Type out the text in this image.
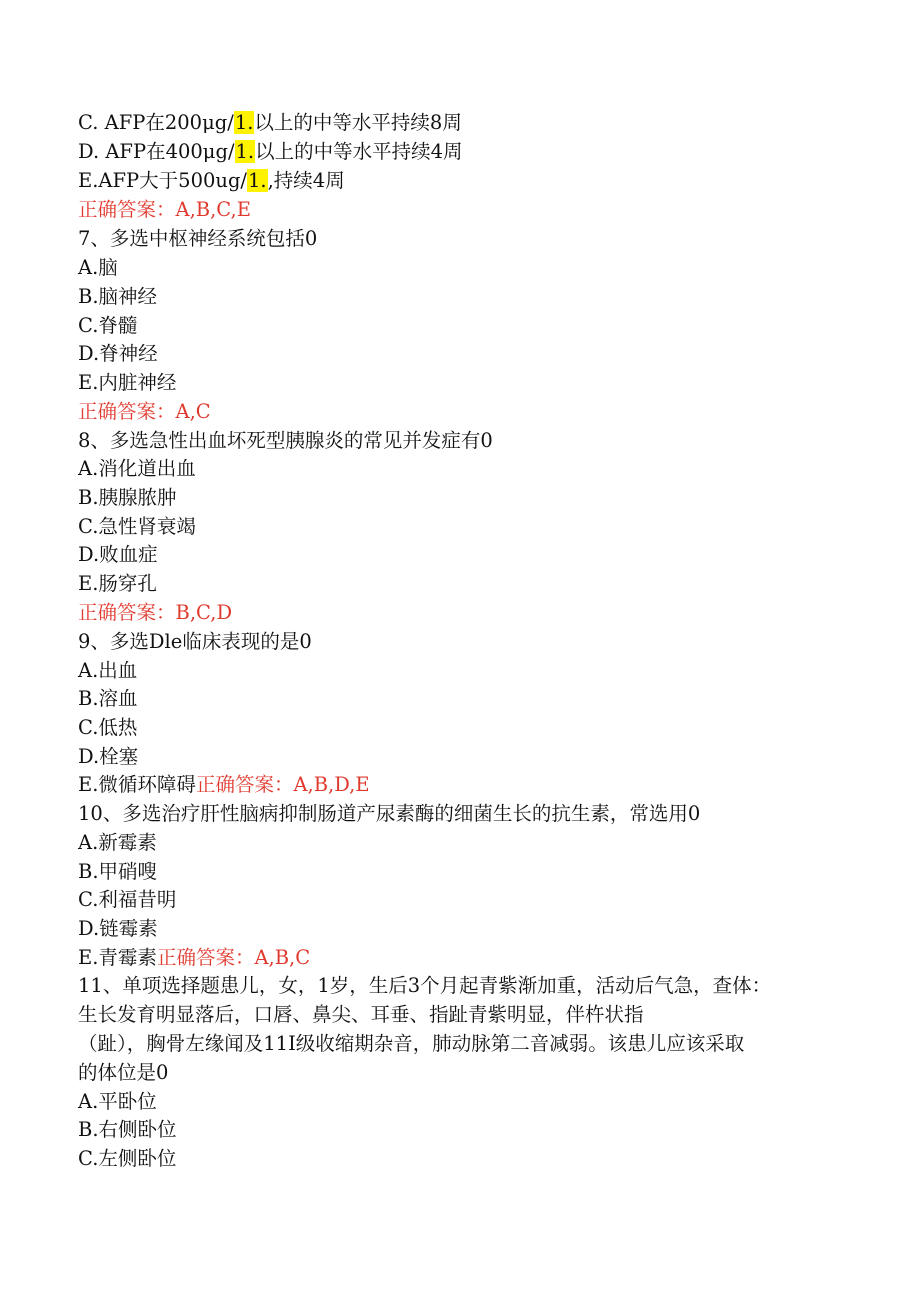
C. AFP在200μg/1.以上的中等水平持续8周
D. AFP在400μg/1.以上的中等水平持续4周
E.AFP大于500ug/1.,持续4周
正确答案：A,B,C,E
7、多选中枢神经系统包括0
A.脑
B.脑神经
C.脊髓
D.脊神经
E.内脏神经
正确答案：A,C
8、多选急性出血坏死型胰腺炎的常见并发症有0
A.消化道出血
B.胰腺脓肿
C.急性肾衰竭
D.败血症
E.肠穿孔
正确答案：B,C,D
9、多选Dle临床表现的是0
A.出血
B.溶血
C.低热
D.栓塞
E.微循环障碍正确答案：A,B,D,E
10、多选治疗肝性脑病抑制肠道产尿素酶的细菌生长的抗生素，常选用0
A.新霉素
B.甲硝嗖
C.利福昔明
D.链霉素
E.青霉素正确答案：A,B,C
11、单项选择题患儿，女，1岁，生后3个月起青紫渐加重，活动后气急，查体：
生长发育明显落后，口唇、鼻尖、耳垂、指趾青紫明显，伴杵状指
（趾），胸骨左缘闻及11I级收缩期杂音，肺动脉第二音减弱。该患儿应该采取
的体位是0
A.平卧位
B.右侧卧位
C.左侧卧位
